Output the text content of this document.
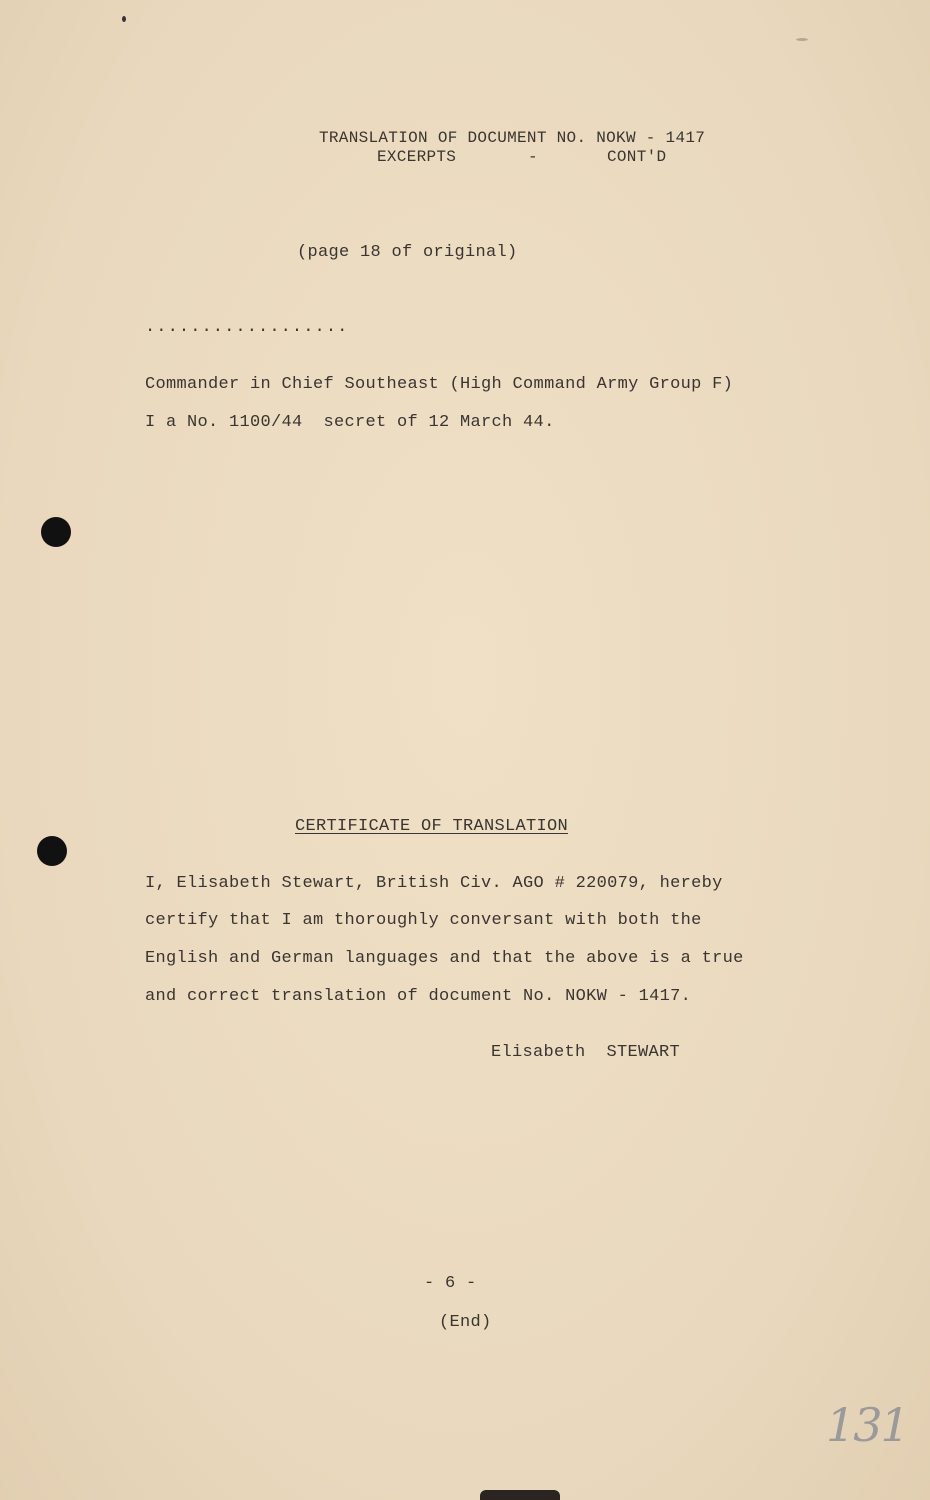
TRANSLATION OF DOCUMENT NO. NOKW - 1417
EXCERPTS	-	CONT'D
(page 18 of original)
..................
Commander in Chief Southeast (High Command Army Group F)
I a No. 1100/44  secret of 12 March 44.
CERTIFICATE OF TRANSLATION
I, Elisabeth Stewart, British Civ. AGO # 220079, hereby
certify that I am thoroughly conversant with both the
English and German languages and that the above is a true
and correct translation of document No. NOKW - 1417.
Elisabeth  STEWART
- 6 -
(End)
131
